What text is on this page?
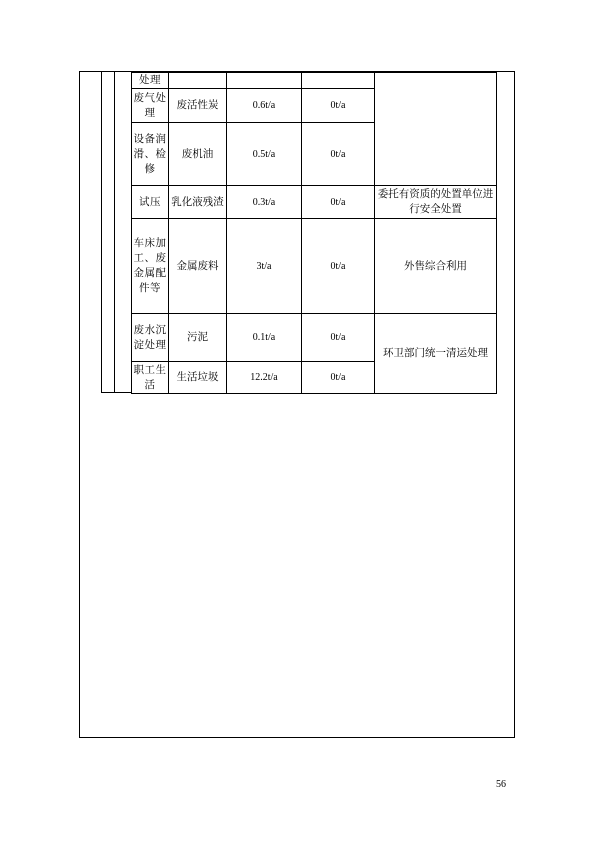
处理				
废气处理	废活性炭	0.6t/a	0t/a	
设备润滑、检修	废机油	0.5t/a	0t/a	
试压	乳化液残渣	0.3t/a	0t/a	委托有资质的处置单位进行安全处置
车床加工、废金属配件等	金属废料	3t/a	0t/a	外售综合利用
废水沉淀处理	污泥	0.1t/a	0t/a	环卫部门统一清运处理
职工生活	生活垃圾	12.2t/a	0t/a	
56
